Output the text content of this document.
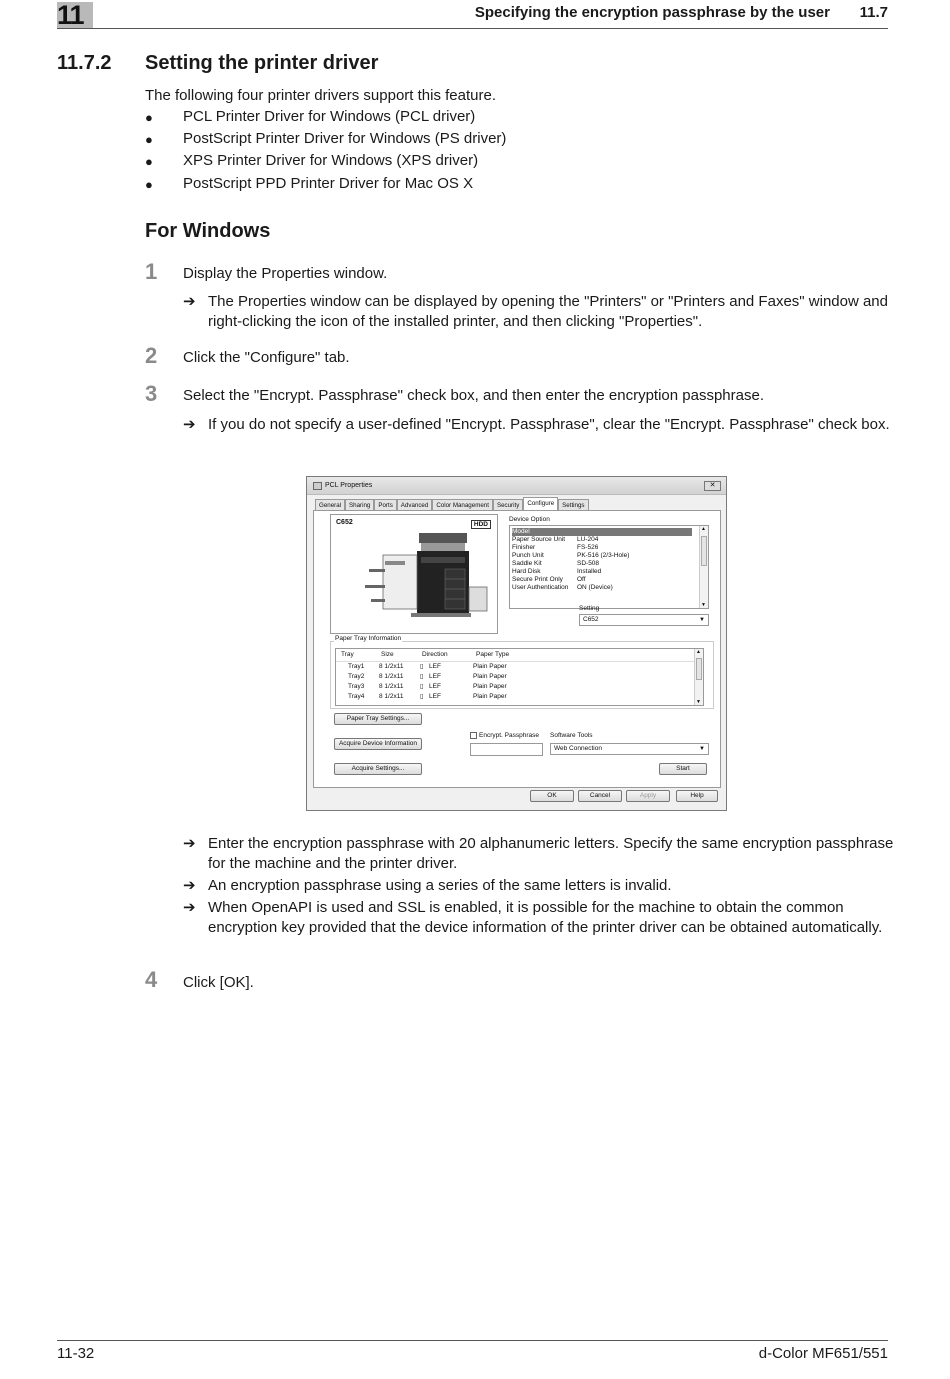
11	Specifying the encryption passphrase by the user 11.7
11.7.2 Setting the printer driver
The following four printer drivers support this feature.
● PCL Printer Driver for Windows (PCL driver)
● PostScript Printer Driver for Windows (PS driver)
● XPS Printer Driver for Windows (XPS driver)
● PostScript PPD Printer Driver for Mac OS X
For Windows
1 Display the Properties window.
➔ The Properties window can be displayed by opening the "Printers" or "Printers and Faxes" window and right-clicking the icon of the installed printer, and then clicking "Properties".
2 Click the "Configure" tab.
3 Select the "Encrypt. Passphrase" check box, and then enter the encryption passphrase.
➔ If you do not specify a user-defined "Encrypt. Passphrase", clear the "Encrypt. Passphrase" check box.
PCL Properties	✕
General	Sharing	Ports	Advanced	Color Management	Security	Configure	Settings
C652	HDD
Device Option
Model
Paper Source Unit LU-204
Finisher	FS-526
Punch Unit	PK-516 (2/3-Hole)
Saddle Kit	SD-508
Hard Disk	Installed
Secure Print Only Off
User Authentication ON (Device)
▲
▼
Setting
C652	▼
Paper Tray Information
Tray	Size	Direction	Paper Type
Tray1 8 1/2x11	▯ LEF	Plain Paper
Tray2 8 1/2x11	▯ LEF	Plain Paper
Tray3 8 1/2x11	▯ LEF	Plain Paper
Tray4 8 1/2x11	▯ LEF	Plain Paper
▲
▼
Paper Tray Settings...
Acquire Device Information
Acquire Settings...
Encrypt. Passphrase Software Tools
Web Connection	▼
Start
OK	Cancel	Apply	Help
➔ Enter the encryption passphrase with 20 alphanumeric letters. Specify the same encryption passphrase for the machine and the printer driver.
➔ An encryption passphrase using a series of the same letters is invalid.
➔ When OpenAPI is used and SSL is enabled, it is possible for the machine to obtain the common encryption key provided that the device information of the printer driver can be obtained automatically.
4 Click [OK].
11-32	d-Color MF651/551
